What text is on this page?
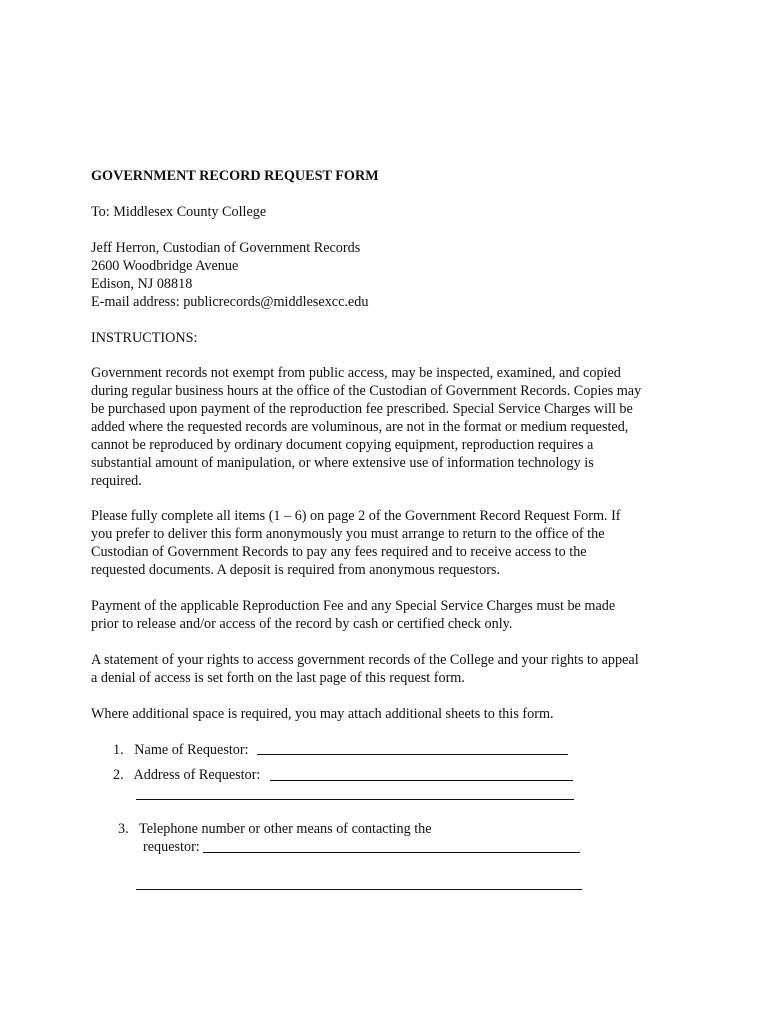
GOVERNMENT RECORD REQUEST FORM
To: Middlesex County College
Jeff Herron, Custodian of Government Records
2600 Woodbridge Avenue
Edison, NJ 08818
E-mail address: publicrecords@middlesexcc.edu
INSTRUCTIONS:
Government records not exempt from public access, may be inspected, examined, and copied
during regular business hours at the office of the Custodian of Government Records. Copies may
be purchased upon payment of the reproduction fee prescribed. Special Service Charges will be
added where the requested records are voluminous, are not in the format or medium requested,
cannot be reproduced by ordinary document copying equipment, reproduction requires a
substantial amount of manipulation, or where extensive use of information technology is
required.
Please fully complete all items (1 – 6) on page 2 of the Government Record Request Form. If
you prefer to deliver this form anonymously you must arrange to return to the office of the
Custodian of Government Records to pay any fees required and to receive access to the
requested documents. A deposit is required from anonymous requestors.
Payment of the applicable Reproduction Fee and any Special Service Charges must be made
prior to release and/or access of the record by cash or certified check only.
A statement of your rights to access government records of the College and your rights to appeal
a denial of access is set forth on the last page of this request form.
Where additional space is required, you may attach additional sheets to this form.
1. Name of Requestor:
2. Address of Requestor:
3. Telephone number or other means of contacting the
requestor:
